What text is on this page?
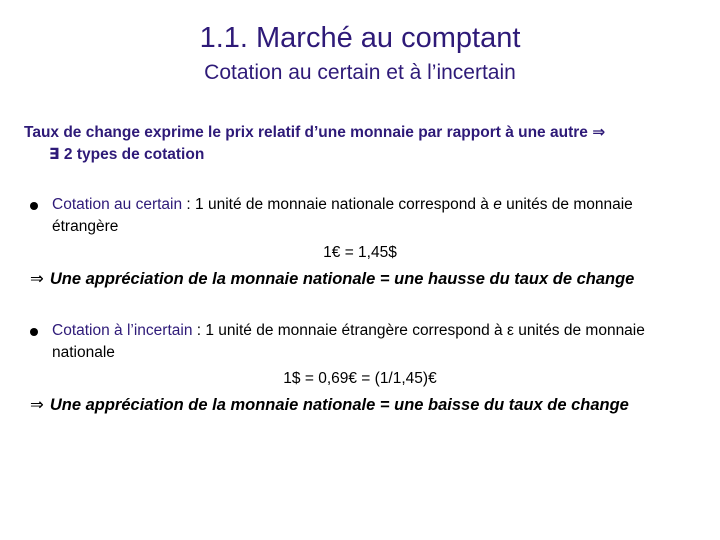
1.1. Marché au comptant
Cotation au certain et à l’incertain
Taux de change exprime le prix relatif d’une monnaie par rapport à une autre ⇒
∃ 2 types de cotation
Cotation au certain : 1 unité de monnaie nationale correspond à e unités de monnaie étrangère
1€ = 1,45$
⇒ Une appréciation de la monnaie nationale = une hausse du taux de change
Cotation à l’incertain : 1 unité de monnaie étrangère correspond à ε unités de monnaie nationale
1$ = 0,69€ = (1/1,45)€
⇒ Une appréciation de la monnaie nationale = une baisse du taux de change
